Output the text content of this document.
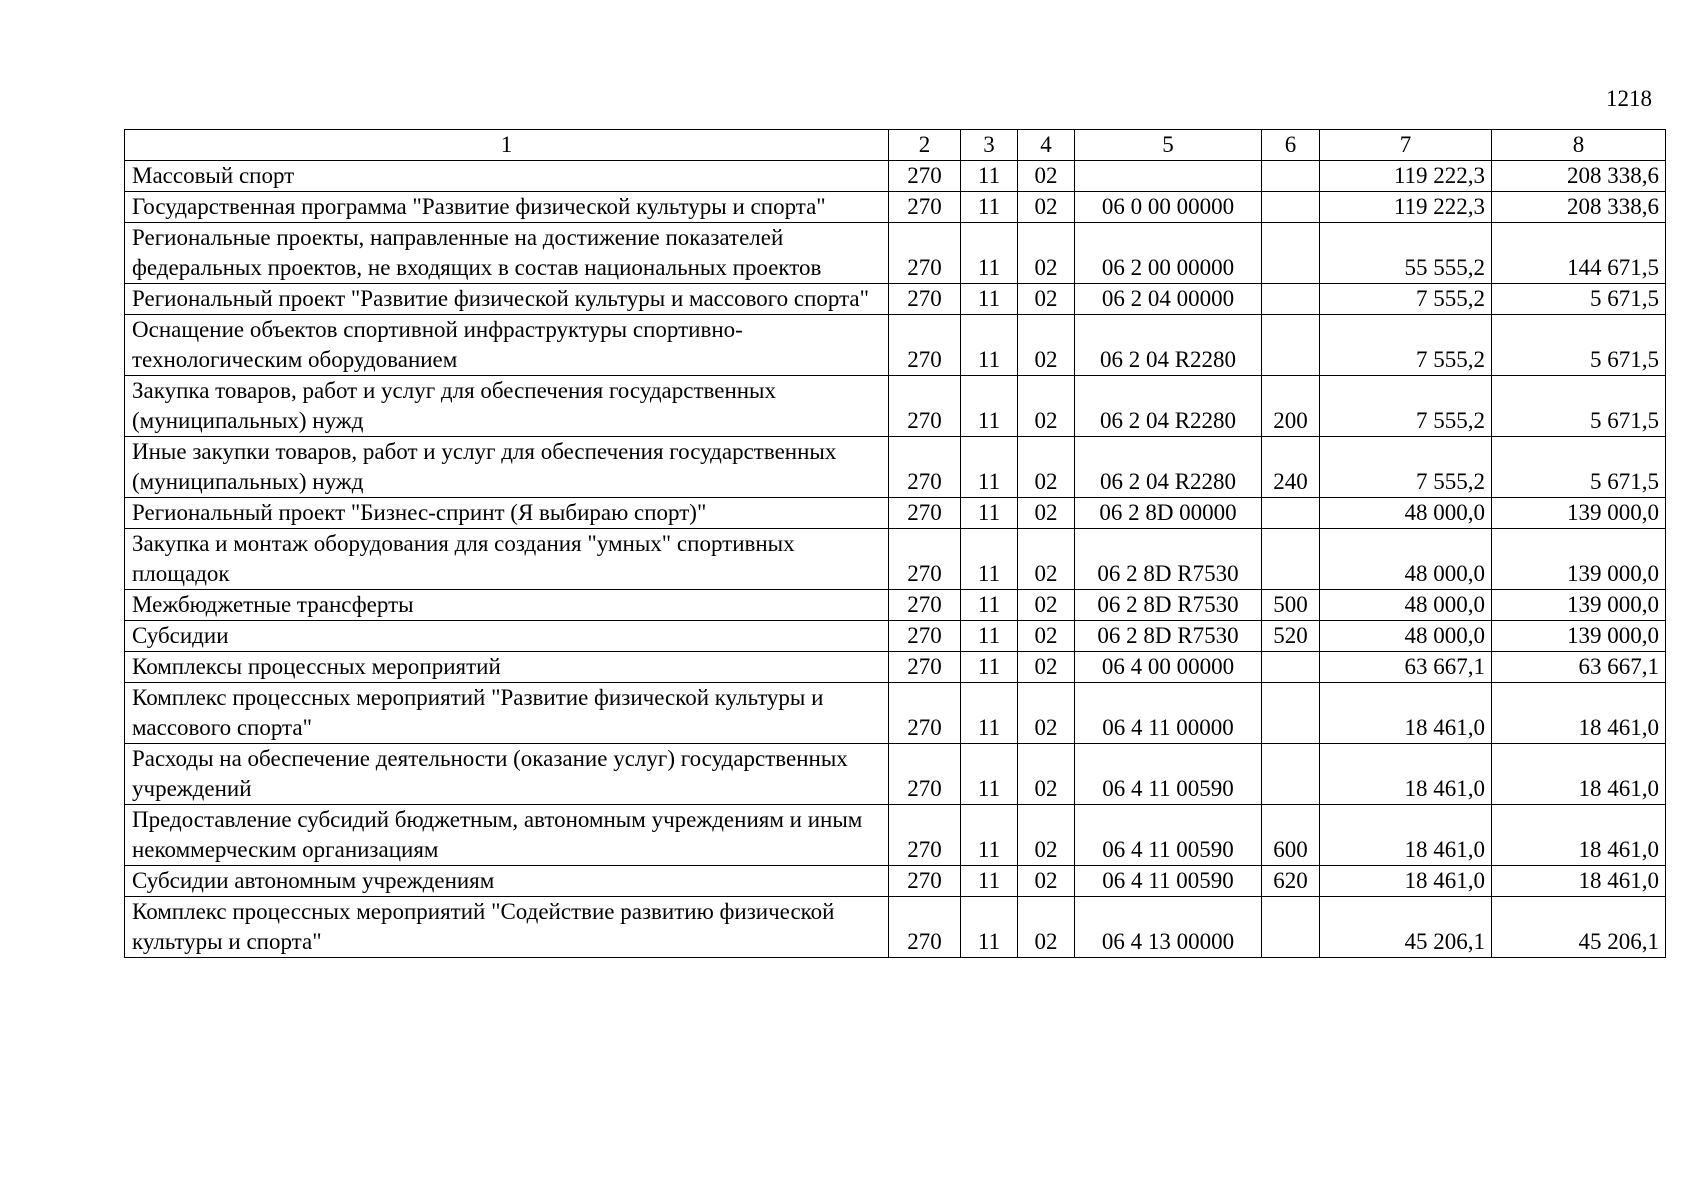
1218
1	2	3	4	5	6	7	8
Массовый спорт	270	11	02			119 222,3	208 338,6
Государственная программа "Развитие физической культуры и спорта"	270	11	02	06 0 00 00000		119 222,3	208 338,6
Региональные проекты, направленные на достижение показателей федеральных проектов, не входящих в состав национальных проектов	270	11	02	06 2 00 00000		55 555,2	144 671,5
Региональный проект "Развитие физической культуры и массового спорта"	270	11	02	06 2 04 00000		7 555,2	5 671,5
Оснащение объектов спортивной инфраструктуры спортивно-технологическим оборудованием	270	11	02	06 2 04 R2280		7 555,2	5 671,5
Закупка товаров, работ и услуг для обеспечения государственных (муниципальных) нужд	270	11	02	06 2 04 R2280	200	7 555,2	5 671,5
Иные закупки товаров, работ и услуг для обеспечения государственных (муниципальных) нужд	270	11	02	06 2 04 R2280	240	7 555,2	5 671,5
Региональный проект "Бизнес-спринт (Я выбираю спорт)"	270	11	02	06 2 8D 00000		48 000,0	139 000,0
Закупка и монтаж оборудования для создания "умных" спортивных площадок	270	11	02	06 2 8D R7530		48 000,0	139 000,0
Межбюджетные трансферты	270	11	02	06 2 8D R7530	500	48 000,0	139 000,0
Субсидии	270	11	02	06 2 8D R7530	520	48 000,0	139 000,0
Комплексы процессных мероприятий	270	11	02	06 4 00 00000		63 667,1	63 667,1
Комплекс процессных мероприятий "Развитие физической культуры и массового спорта"	270	11	02	06 4 11 00000		18 461,0	18 461,0
Расходы на обеспечение деятельности (оказание услуг) государственных учреждений	270	11	02	06 4 11 00590		18 461,0	18 461,0
Предоставление субсидий бюджетным, автономным учреждениям и иным некоммерческим организациям	270	11	02	06 4 11 00590	600	18 461,0	18 461,0
Субсидии автономным учреждениям	270	11	02	06 4 11 00590	620	18 461,0	18 461,0
Комплекс процессных мероприятий "Содействие развитию физической культуры и спорта"	270	11	02	06 4 13 00000		45 206,1	45 206,1
